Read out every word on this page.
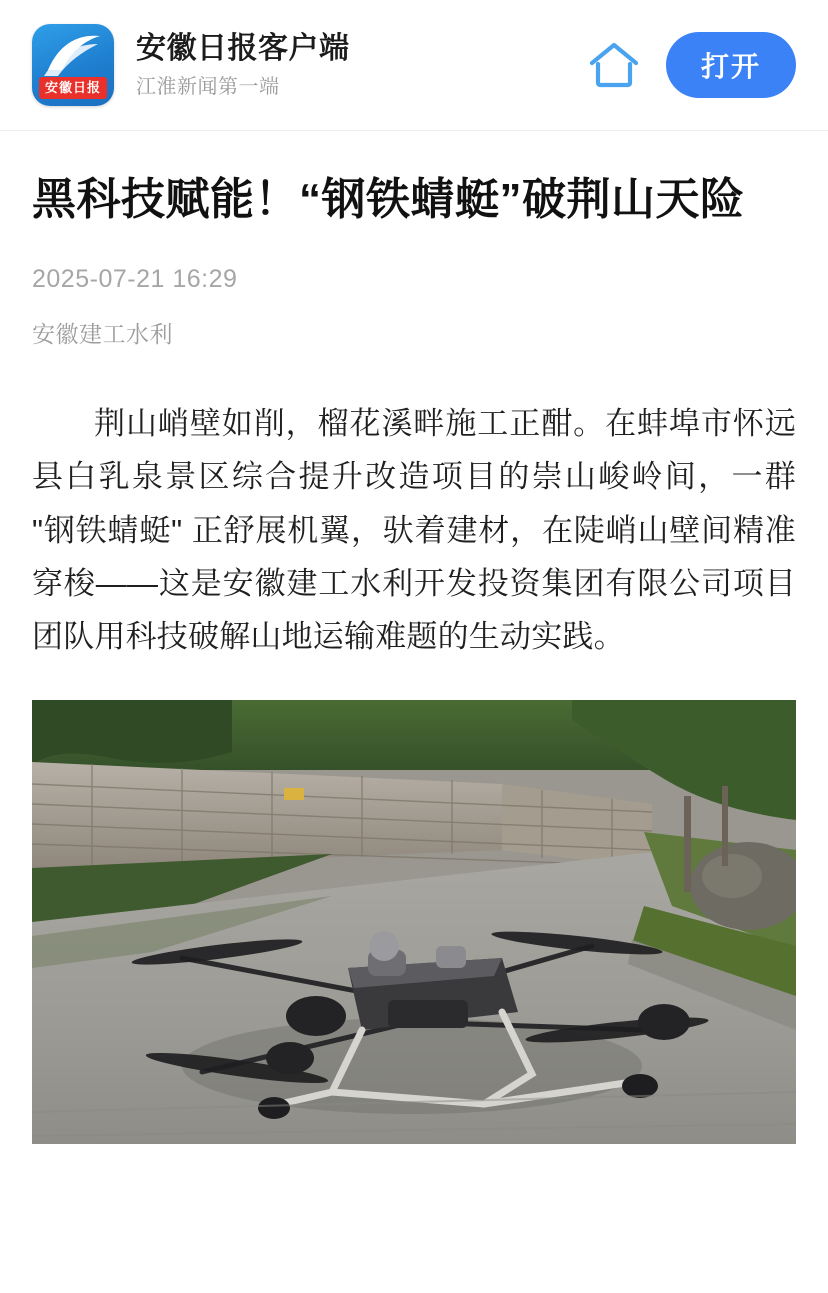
安徽日报
安徽日报客户端
江淮新闻第一端
打开
黑科技赋能！“钢铁蜻蜓”破荆山天险
2025-07-21 16:29
安徽建工水利

荆山峭壁如削，榴花溪畔施工正酣。在蚌埠市怀远县白乳泉景区综合提升改造项目的崇山峻岭间，一群 "钢铁蜻蜓" 正舒展机翼，驮着建材，在陡峭山壁间精准穿梭——这是安徽建工水利开发投资集团有限公司项目团队用科技破解山地运输难题的生动实践。
